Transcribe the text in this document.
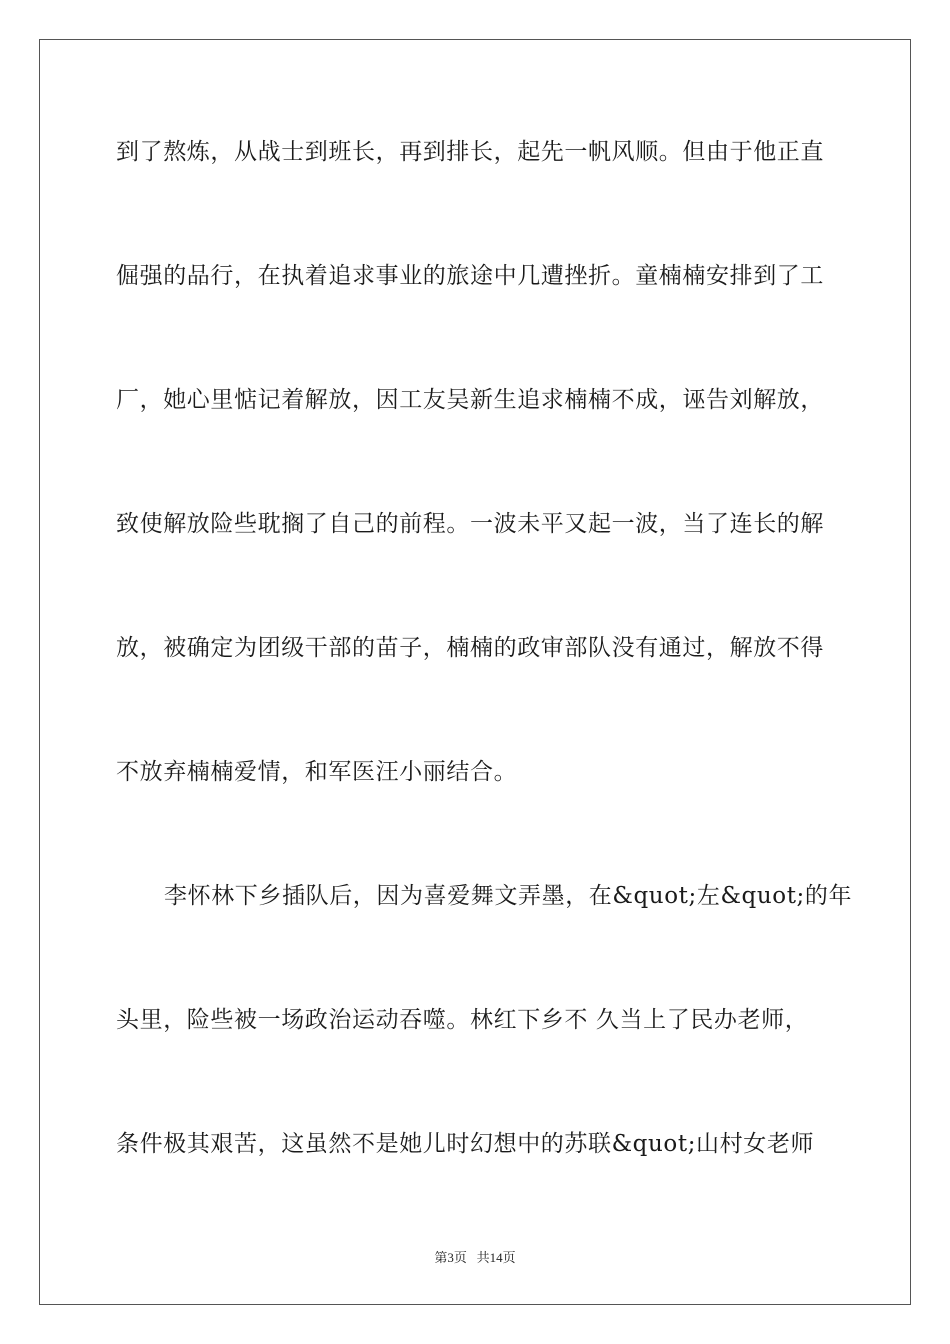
到了熬炼，从战士到班长，再到排长，起先一帆风顺。但由于他正直
倔强的品行，在执着追求事业的旅途中几遭挫折。童楠楠安排到了工
厂，她心里惦记着解放，因工友吴新生追求楠楠不成，诬告刘解放，
致使解放险些耽搁了自己的前程。一波未平又起一波，当了连长的解
放，被确定为团级干部的苗子，楠楠的政审部队没有通过，解放不得
不放弃楠楠爱情，和军医汪小丽结合。
李怀林下乡插队后，因为喜爱舞文弄墨，在&quot;左&quot;的年
头里，险些被一场政治运动吞噬。林红下乡不 久当上了民办老师，
条件极其艰苦，这虽然不是她儿时幻想中的苏联&quot;山村女老师
第3页   共14页
